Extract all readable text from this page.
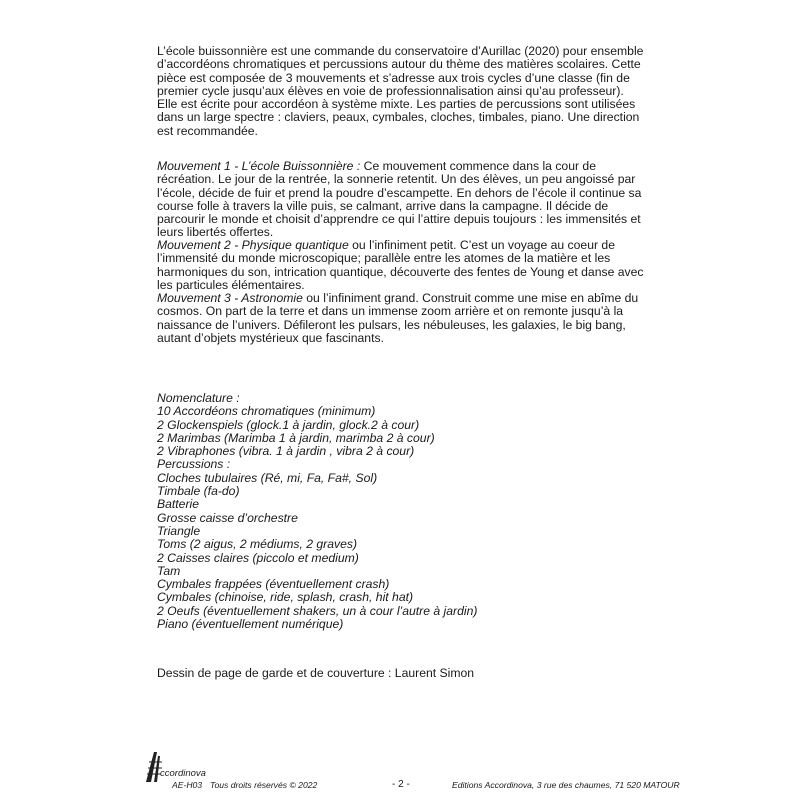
L’école buissonnière est une commande du conservatoire d’Aurillac (2020) pour ensemble d’accordéons chromatiques et percussions autour du thème des matières scolaires. Cette pièce est composée de 3 mouvements et s’adresse aux trois cycles d’une classe (fin de premier cycle jusqu’aux élèves en voie de professionnalisation ainsi qu’au professeur). Elle est écrite pour accordéon à système mixte. Les parties de percussions sont utilisées dans un large spectre : claviers, peaux, cymbales, cloches, timbales, piano. Une direction est recommandée.

Mouvement 1 - L’école Buissonnière : Ce mouvement commence dans la cour de récréation. Le jour de la rentrée, la sonnerie retentit. Un des élèves, un peu angoissé par l’école, décide de fuir et prend la poudre d’escampette. En dehors de l’école il continue sa course folle à travers la ville puis, se calmant, arrive dans la campagne. Il décide de parcourir le monde et choisit d’apprendre ce qui l’attire depuis toujours : les immensités et leurs libertés offertes.

Mouvement 2 - Physique quantique ou l’infiniment petit. C’est un voyage au coeur de l’immensité du monde microscopique; parallèle entre les atomes de la matière et les harmoniques du son, intrication quantique, découverte des fentes de Young et danse avec les particules élémentaires.

Mouvement 3 - Astronomie ou l’infiniment grand. Construit comme une mise en abîme du cosmos. On part de la terre et dans un immense zoom arrière et on remonte jusqu’à la naissance de l’univers. Défileront les pulsars, les nébuleuses, les galaxies, le big bang, autant d’objets mystérieux que fascinants.

Nomenclature :
10 Accordéons chromatiques (minimum)
2 Glockenspiels (glock.1 à jardin, glock.2 à cour)
2 Marimbas (Marimba 1 à jardin, marimba 2 à cour)
2 Vibraphones (vibra. 1 à jardin , vibra 2 à cour)
Percussions :
Cloches tubulaires (Ré, mi, Fa, Fa#, Sol)
Timbale (fa-do)
Batterie
Grosse caisse d’orchestre
Triangle
Toms (2 aigus, 2 médiums, 2 graves)
2 Caisses claires (piccolo et medium)
Tam
Cymbales frappées (éventuellement crash)
Cymbales (chinoise, ride, splash, crash, hit hat)
2 Oeufs (éventuellement shakers, un à cour l’autre à jardin)
Piano (éventuellement numérique)
Dessin de page de garde et de couverture : Laurent Simon
ccordinova
AE-H03 Tous droits réservés © 2022	- 2 -	Editions Accordinova, 3 rue des chaumes, 71 520 MATOUR
